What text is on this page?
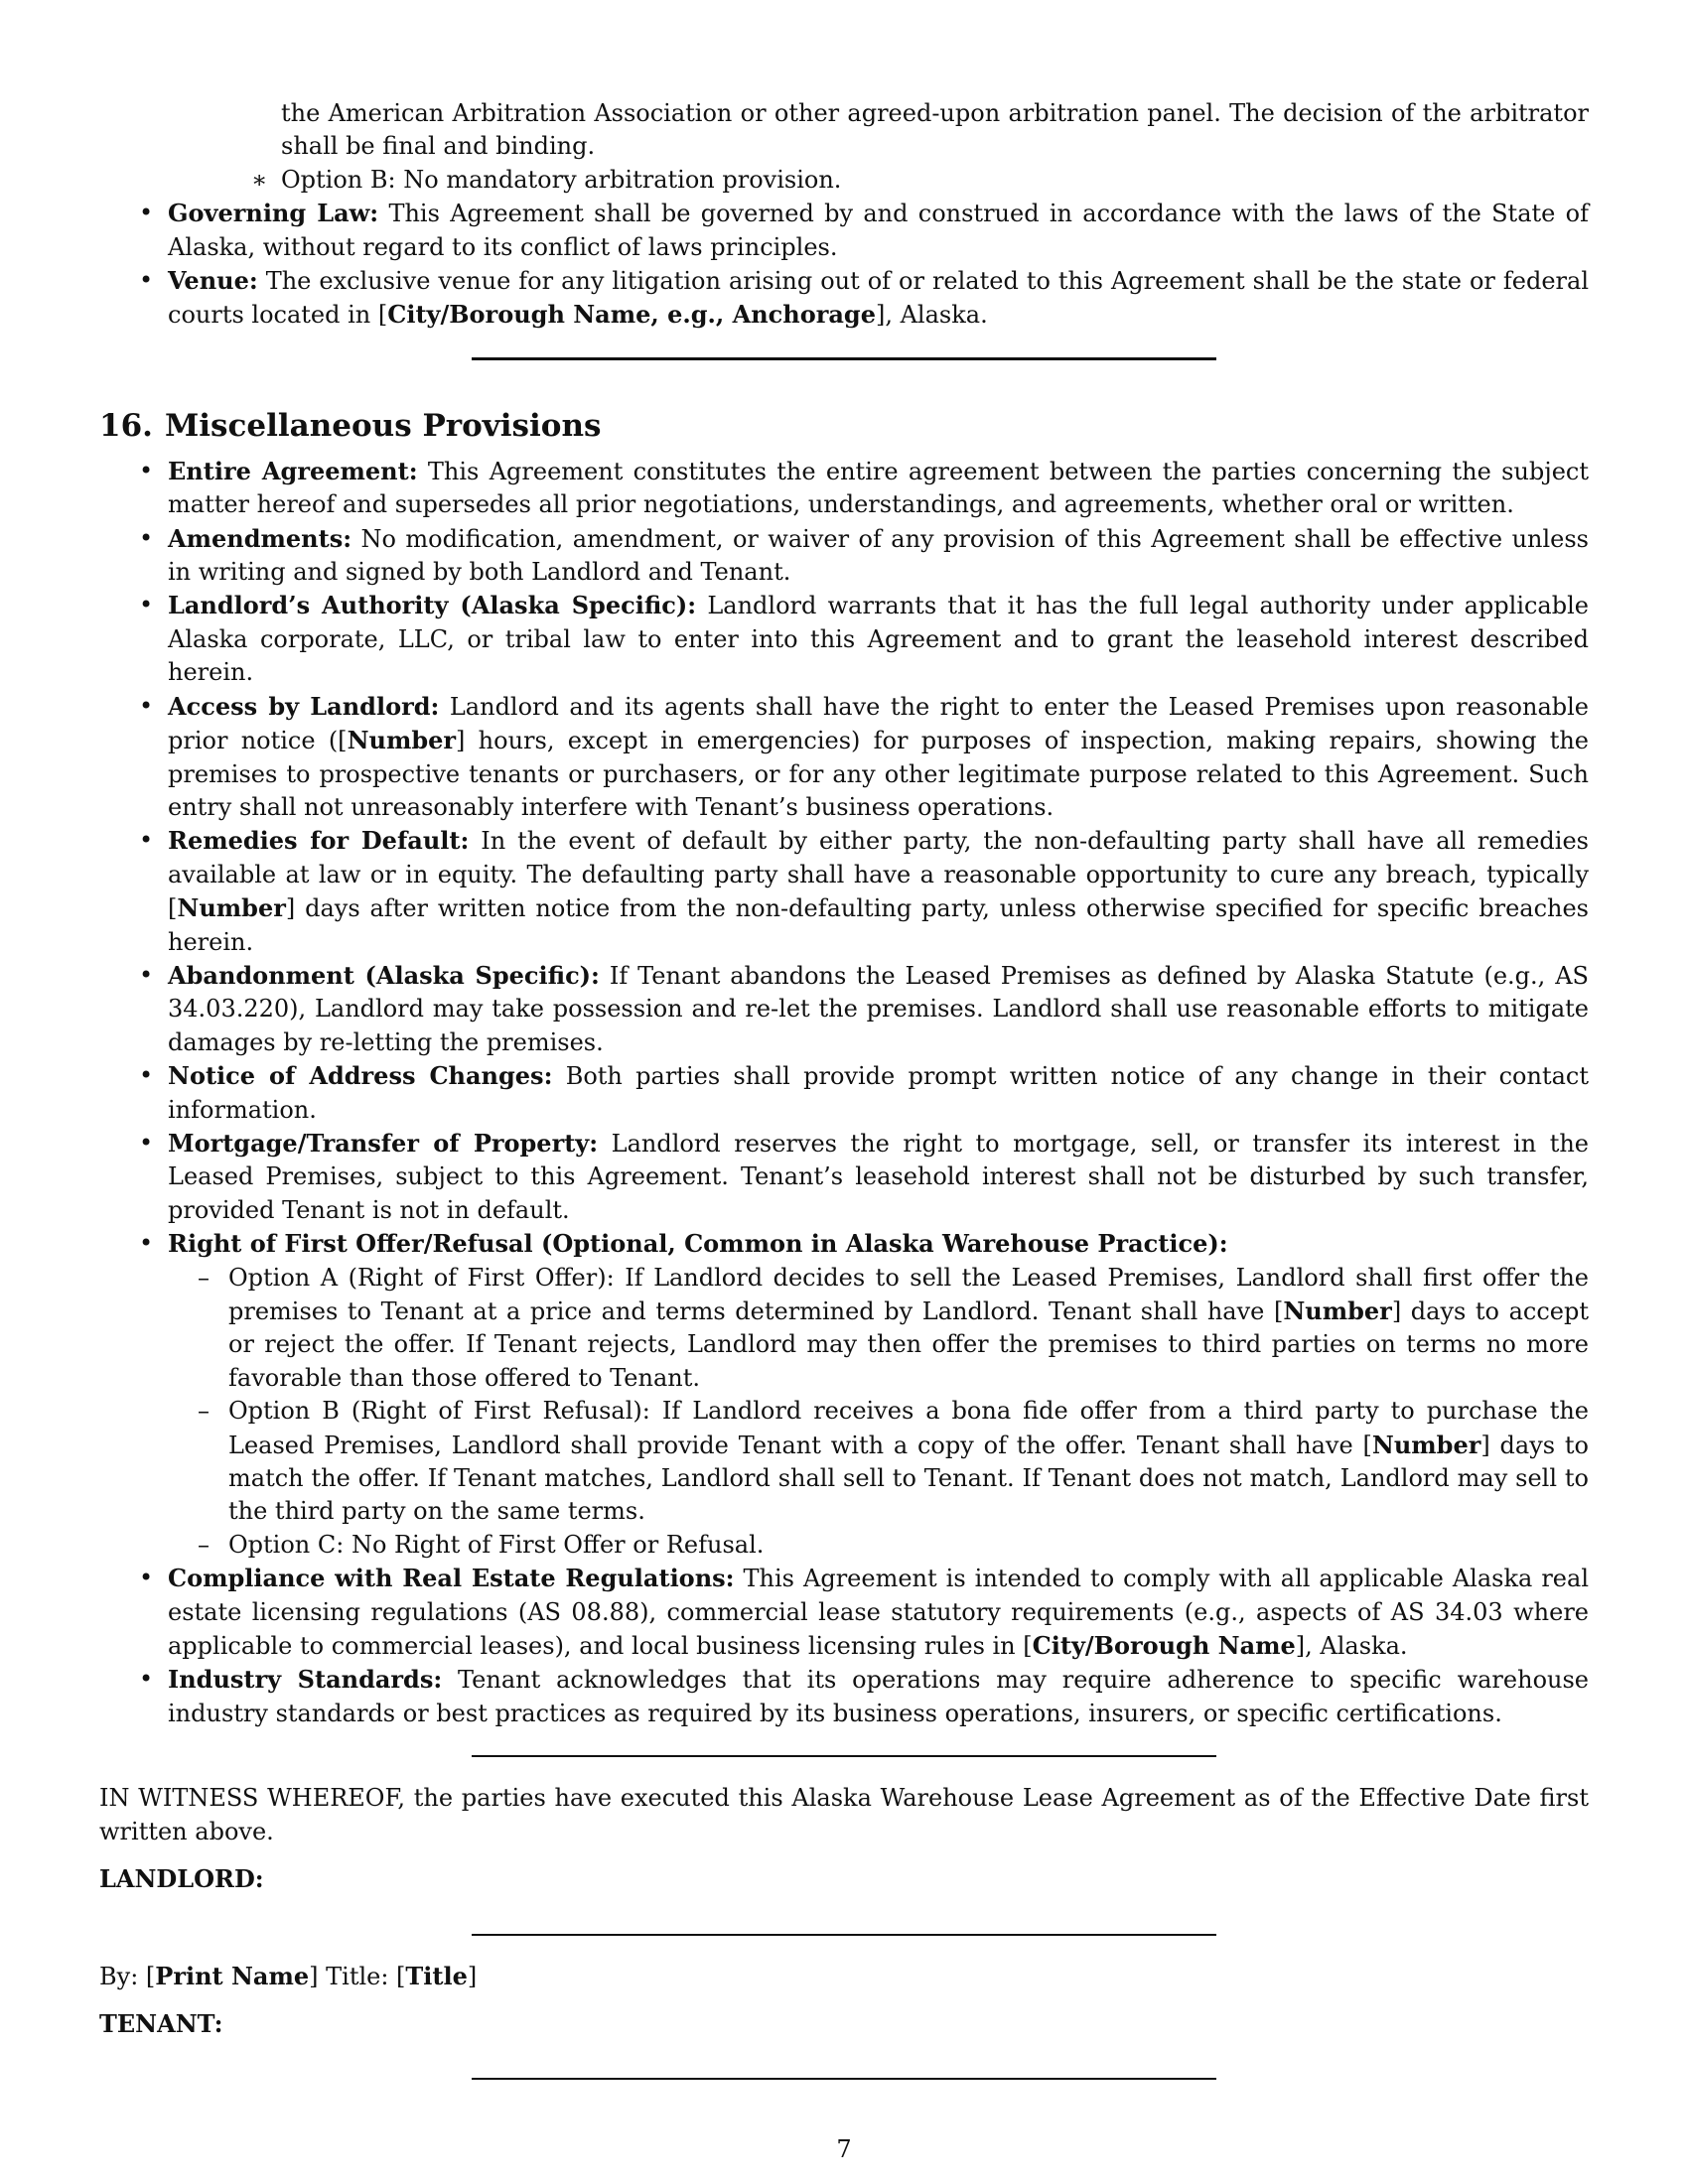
the American Arbitration Association or other agreed-upon arbitration panel. The decision of the arbitrator shall be final and binding.

∗ Option B: No mandatory arbitration provision.

• Governing Law: This Agreement shall be governed by and construed in accordance with the laws of the State of Alaska, without regard to its conflict of laws principles.
• Venue: The exclusive venue for any litigation arising out of or related to this Agreement shall be the state or federal courts located in [City/Borough Name, e.g., Anchorage], Alaska.
16. Miscellaneous Provisions
• Entire Agreement: This Agreement constitutes the entire agreement between the parties concerning the subject matter hereof and supersedes all prior negotiations, understandings, and agreements, whether oral or written.
• Amendments: No modification, amendment, or waiver of any provision of this Agreement shall be effective unless in writing and signed by both Landlord and Tenant.
• Landlord’s Authority (Alaska Specific): Landlord warrants that it has the full legal authority under applicable Alaska corporate, LLC, or tribal law to enter into this Agreement and to grant the leasehold interest described herein.
• Access by Landlord: Landlord and its agents shall have the right to enter the Leased Premises upon reasonable prior notice ([Number] hours, except in emergencies) for purposes of inspection, making repairs, showing the premises to prospective tenants or purchasers, or for any other legitimate purpose related to this Agreement. Such entry shall not unreasonably interfere with Tenant’s business operations.
• Remedies for Default: In the event of default by either party, the non-defaulting party shall have all remedies available at law or in equity. The defaulting party shall have a reasonable opportunity to cure any breach, typically [Number] days after written notice from the non-defaulting party, unless otherwise specified for specific breaches herein.
• Abandonment (Alaska Specific): If Tenant abandons the Leased Premises as defined by Alaska Statute (e.g., AS 34.03.220), Landlord may take possession and re-let the premises. Landlord shall use reasonable efforts to mitigate damages by re-letting the premises.
• Notice of Address Changes: Both parties shall provide prompt written notice of any change in their contact information.
• Mortgage/Transfer of Property: Landlord reserves the right to mortgage, sell, or transfer its interest in the Leased Premises, subject to this Agreement. Tenant’s leasehold interest shall not be disturbed by such transfer, provided Tenant is not in default.
• Right of First Offer/Refusal (Optional, Common in Alaska Warehouse Practice):
– Option A (Right of First Offer): If Landlord decides to sell the Leased Premises, Landlord shall first offer the premises to Tenant at a price and terms determined by Landlord. Tenant shall have [Number] days to accept or reject the offer. If Tenant rejects, Landlord may then offer the premises to third parties on terms no more favorable than those offered to Tenant.
– Option B (Right of First Refusal): If Landlord receives a bona fide offer from a third party to purchase the Leased Premises, Landlord shall provide Tenant with a copy of the offer. Tenant shall have [Number] days to match the offer. If Tenant matches, Landlord shall sell to Tenant. If Tenant does not match, Landlord may sell to the third party on the same terms.
– Option C: No Right of First Offer or Refusal.
• Compliance with Real Estate Regulations: This Agreement is intended to comply with all applicable Alaska real estate licensing regulations (AS 08.88), commercial lease statutory requirements (e.g., aspects of AS 34.03 where applicable to commercial leases), and local business licensing rules in [City/Borough Name], Alaska.
• Industry Standards: Tenant acknowledges that its operations may require adherence to specific warehouse industry standards or best practices as required by its business operations, insurers, or specific certifications.

IN WITNESS WHEREOF, the parties have executed this Alaska Warehouse Lease Agreement as of the Effective Date first written above.

LANDLORD:

By: [Print Name] Title: [Title]

TENANT:

7
